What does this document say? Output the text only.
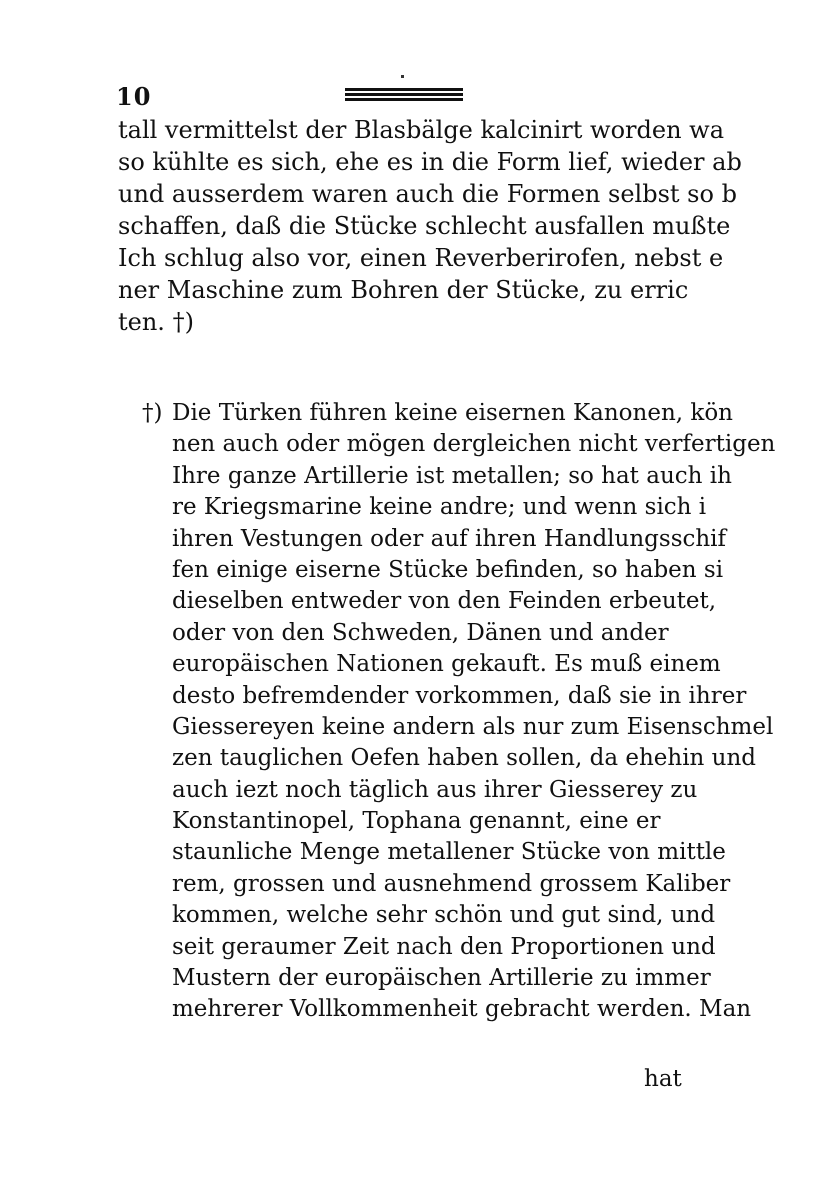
10
tall vermittelst der Blasbälge kalcinirt worden wa
so kühlte es sich, ehe es in die Form lief, wieder ab
und ausserdem waren auch die Formen selbst so b
schaffen, daß die Stücke schlecht ausfallen mußte
Ich schlug also vor, einen Reverberirofen, nebst e
ner Maschine zum Bohren der Stücke, zu erric
ten. †)
†) Die Türken führen keine eisernen Kanonen, kön
nen auch oder mögen dergleichen nicht verfertigen
Ihre ganze Artillerie ist metallen; so hat auch ih
re Kriegsmarine keine andre; und wenn sich i
ihren Vestungen oder auf ihren Handlungsschif
fen einige eiserne Stücke befinden, so haben si
dieselben entweder von den Feinden erbeutet,
oder von den Schweden, Dänen und ander
europäischen Nationen gekauft. Es muß einem
desto befremdender vorkommen, daß sie in ihrer
Giessereyen keine andern als nur zum Eisenschmel
zen tauglichen Oefen haben sollen, da ehehin und
auch iezt noch täglich aus ihrer Giesserey zu
Konstantinopel, Tophana genannt, eine er
staunliche Menge metallener Stücke von mittle
rem, grossen und ausnehmend grossem Kaliber
kommen, welche sehr schön und gut sind, und
seit geraumer Zeit nach den Proportionen und
Mustern der europäischen Artillerie zu immer
mehrerer Vollkommenheit gebracht werden. Man
hat
